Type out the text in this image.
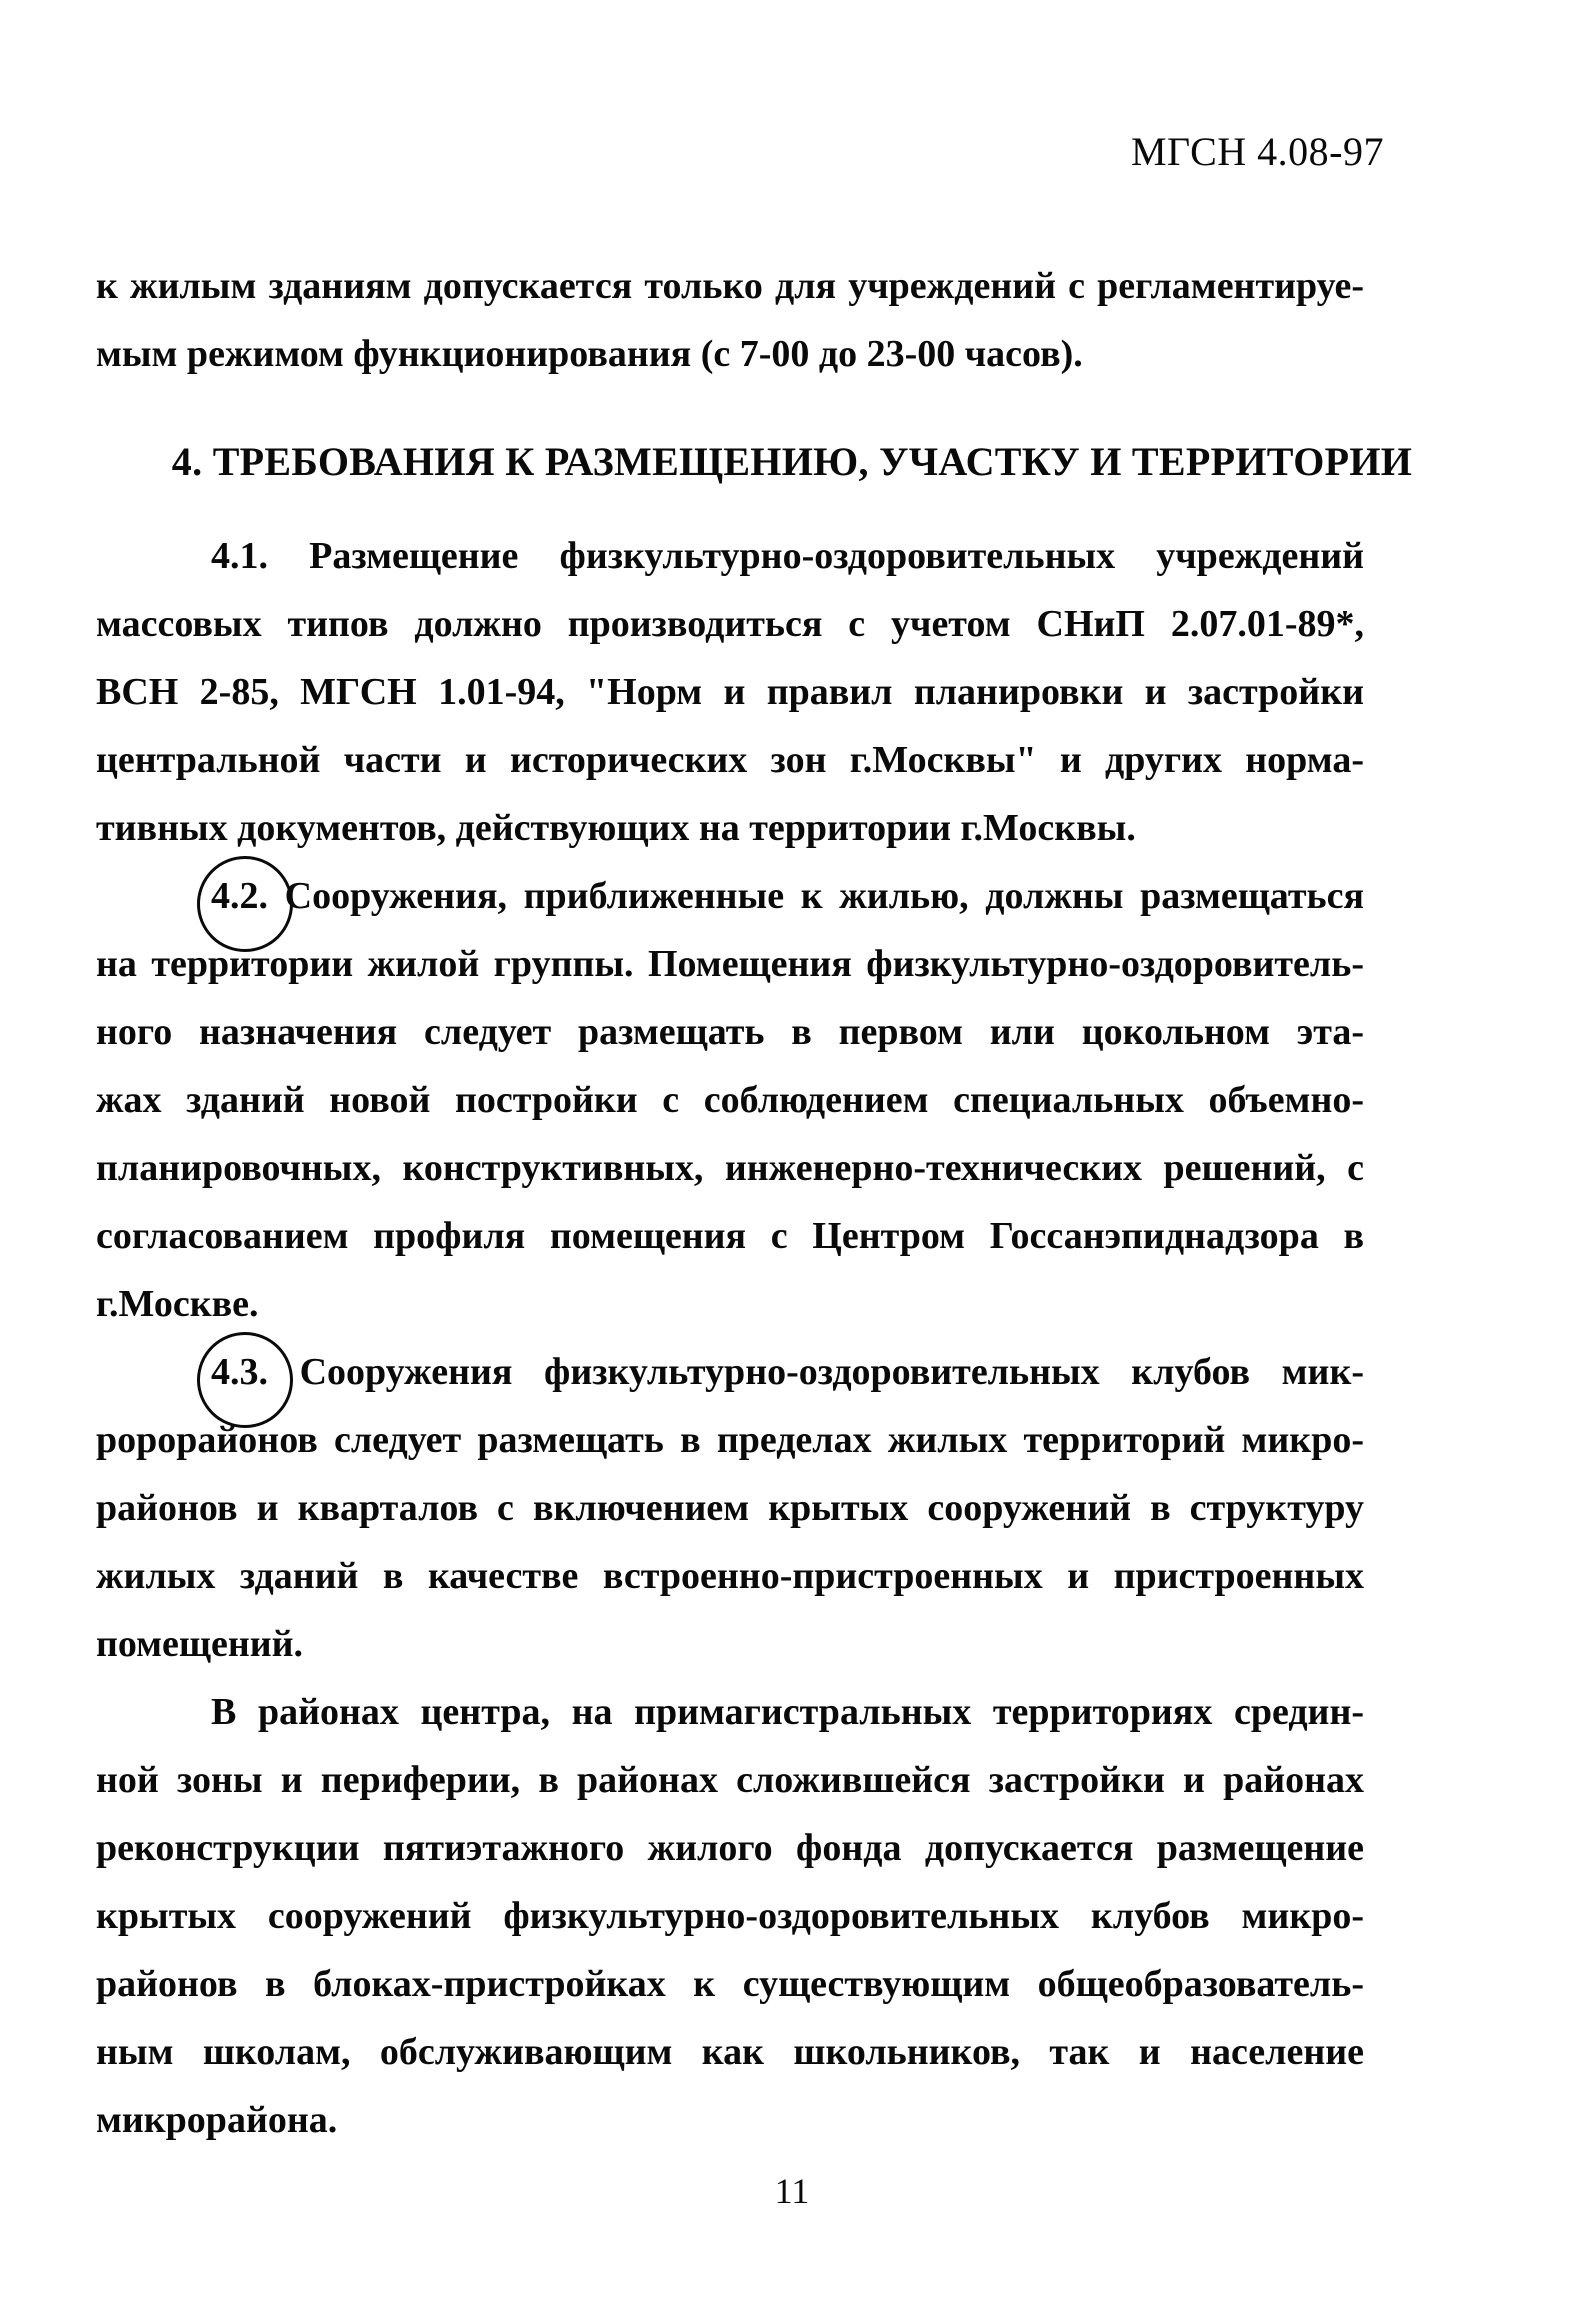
МГСН 4.08-97
к жилым зданиям допускается только для учреждений с регламентируе-
мым режимом функционирования (с 7-00 до 23-00 часов).
4. ТРЕБОВАНИЯ К РАЗМЕЩЕНИЮ, УЧАСТКУ И ТЕРРИТОРИИ
4.1. Размещение физкультурно-оздоровительных учреждений
массовых типов должно производиться с учетом СНиП 2.07.01-89*,
ВСН 2-85, МГСН 1.01-94, "Норм и правил планировки и застройки
центральной части и исторических зон г.Москвы" и других норма-
тивных документов, действующих на территории г.Москвы.
4.2. Сооружения, приближенные к жилью, должны размещаться
на территории жилой группы. Помещения физкультурно-оздоровитель-
ного назначения следует размещать в первом или цокольном эта-
жах зданий новой постройки с соблюдением специальных объемно-
планировочных, конструктивных, инженерно-технических решений, с
согласованием профиля помещения с Центром Госсанэпиднадзора в
г.Москве.
4.3. Сооружения физкультурно-оздоровительных клубов мик-
ророрайонов следует размещать в пределах жилых территорий микро-
районов и кварталов с включением крытых сооружений в структуру
жилых зданий в качестве встроенно-пристроенных и пристроенных
помещений.
В районах центра, на примагистральных территориях средин-
ной зоны и периферии, в районах сложившейся застройки и районах
реконструкции пятиэтажного жилого фонда допускается размещение
крытых сооружений физкультурно-оздоровительных клубов микро-
районов в блоках-пристройках к существующим общеобразователь-
ным школам, обслуживающим как школьников, так и население
микрорайона.
11
